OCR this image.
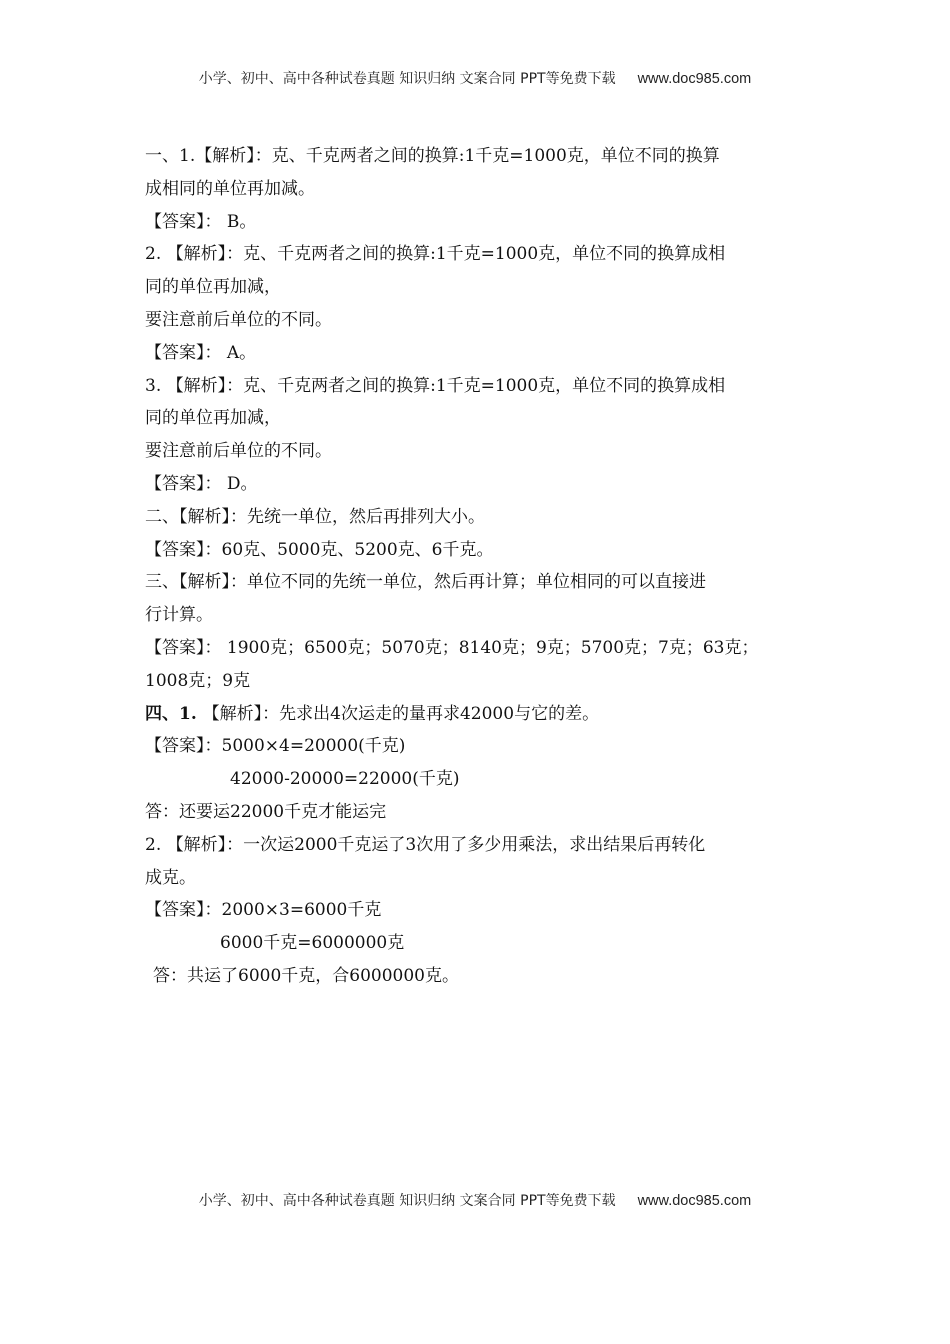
小学、初中、高中各种试卷真题 知识归纳 文案合同 PPT等免费下载 www.doc985.com
一、1.【解析】：克、千克两者之间的换算:1千克=1000克，单位不同的换算
成相同的单位再加减。
【答案】： B。
2. 【解析】：克、千克两者之间的换算:1千克=1000克，单位不同的换算成相
同的单位再加减，
要注意前后单位的不同。
【答案】： A。
3. 【解析】：克、千克两者之间的换算:1千克=1000克，单位不同的换算成相
同的单位再加减，
要注意前后单位的不同。
【答案】： D。
二、【解析】：先统一单位，然后再排列大小。
【答案】：60克、5000克、5200克、6千克。
三、【解析】：单位不同的先统一单位，然后再计算；单位相同的可以直接进
行计算。
【答案】： 1900克；6500克；5070克；8140克；9克；5700克；7克；63克；
1008克；9克
四、1. 【解析】：先求出4次运走的量再求42000与它的差。
【答案】：5000×4=20000(千克)
42000-20000=22000(千克)
答：还要运22000千克才能运完
2. 【解析】：一次运2000千克运了3次用了多少用乘法，求出结果后再转化
成克。
【答案】：2000×3=6000千克
6000千克=6000000克
答：共运了6000千克，合6000000克。
小学、初中、高中各种试卷真题 知识归纳 文案合同 PPT等免费下载 www.doc985.com
